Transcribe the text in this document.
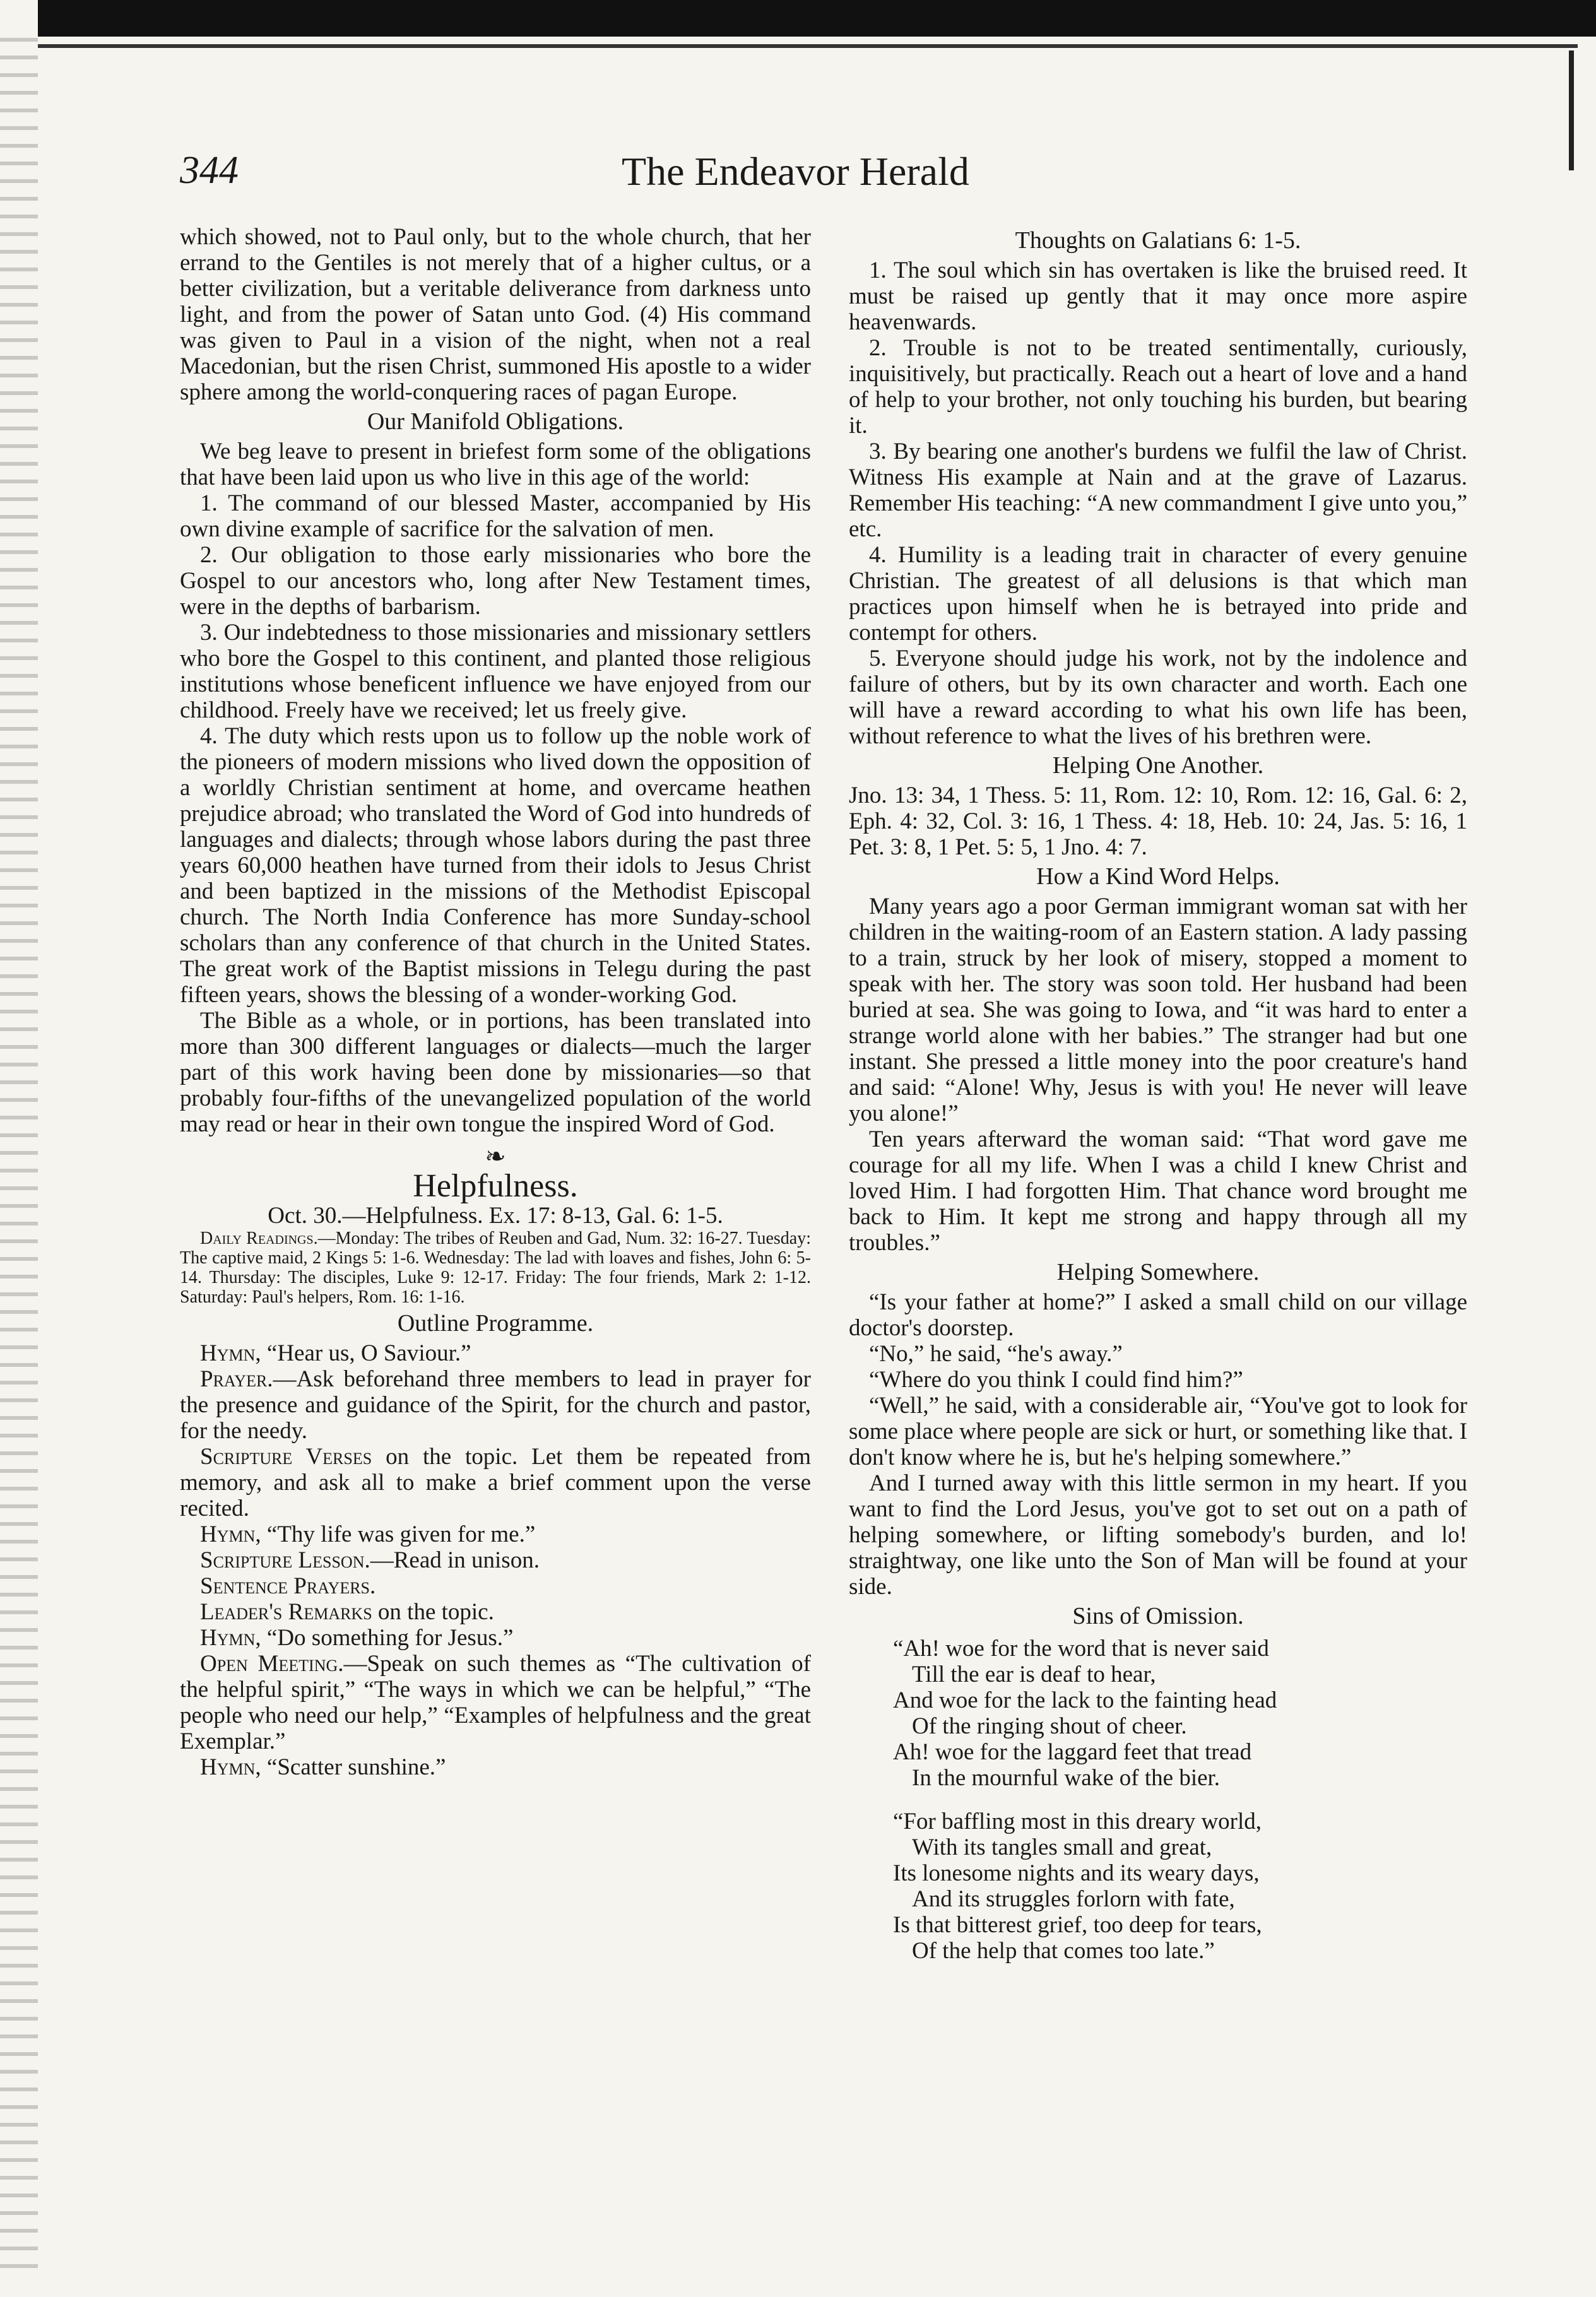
344	The Endeavor Herald

which showed, not to Paul only, but to the whole church, that her errand to the Gentiles is not merely that of a higher cultus, or a better civilization, but a veritable deliverance from darkness unto light, and from the power of Satan unto God. (4) His command was given to Paul in a vision of the night, when not a real Macedonian, but the risen Christ, summoned His apostle to a wider sphere among the world-conquering races of pagan Europe.

Our Manifold Obligations.

We beg leave to present in briefest form some of the obligations that have been laid upon us who live in this age of the world:

1. The command of our blessed Master, accompanied by His own divine example of sacrifice for the salvation of men.

2. Our obligation to those early missionaries who bore the Gospel to our ancestors who, long after New Testament times, were in the depths of barbarism.

3. Our indebtedness to those missionaries and missionary settlers who bore the Gospel to this continent, and planted those religious institutions whose beneficent influence we have enjoyed from our childhood. Freely have we received; let us freely give.

4. The duty which rests upon us to follow up the noble work of the pioneers of modern missions who lived down the opposition of a worldly Christian sentiment at home, and overcame heathen prejudice abroad; who translated the Word of God into hundreds of languages and dialects; through whose labors during the past three years 60,000 heathen have turned from their idols to Jesus Christ and been baptized in the missions of the Methodist Episcopal church. The North India Conference has more Sunday-school scholars than any conference of that church in the United States. The great work of the Baptist missions in Telegu during the past fifteen years, shows the blessing of a wonder-working God.

The Bible as a whole, or in portions, has been translated into more than 300 different languages or dialects—much the larger part of this work having been done by missionaries—so that probably four-fifths of the unevangelized population of the world may read or hear in their own tongue the inspired Word of God.

❧
Helpfulness.

Oct. 30.—Helpfulness. Ex. 17: 8-13, Gal. 6: 1-5.

Daily Readings.—Monday: The tribes of Reuben and Gad, Num. 32: 16-27. Tuesday: The captive maid, 2 Kings 5: 1-6. Wednesday: The lad with loaves and fishes, John 6: 5-14. Thursday: The disciples, Luke 9: 12-17. Friday: The four friends, Mark 2: 1-12. Saturday: Paul's helpers, Rom. 16: 1-16.

Outline Programme.

Hymn, “Hear us, O Saviour.”

Prayer.—Ask beforehand three members to lead in prayer for the presence and guidance of the Spirit, for the church and pastor, for the needy.

Scripture Verses on the topic. Let them be repeated from memory, and ask all to make a brief comment upon the verse recited.

Hymn, “Thy life was given for me.”

Scripture Lesson.—Read in unison.

Sentence Prayers.

Leader's Remarks on the topic.

Hymn, “Do something for Jesus.”

Open Meeting.—Speak on such themes as “The cultivation of the helpful spirit,” “The ways in which we can be helpful,” “The people who need our help,” “Examples of helpfulness and the great Exemplar.”

Hymn, “Scatter sunshine.”

Thoughts on Galatians 6: 1-5.

1. The soul which sin has overtaken is like the bruised reed. It must be raised up gently that it may once more aspire heavenwards.

2. Trouble is not to be treated sentimentally, curiously, inquisitively, but practically. Reach out a heart of love and a hand of help to your brother, not only touching his burden, but bearing it.

3. By bearing one another's burdens we fulfil the law of Christ. Witness His example at Nain and at the grave of Lazarus. Remember His teaching: “A new commandment I give unto you,” etc.

4. Humility is a leading trait in character of every genuine Christian. The greatest of all delusions is that which man practices upon himself when he is betrayed into pride and contempt for others.

5. Everyone should judge his work, not by the indolence and failure of others, but by its own character and worth. Each one will have a reward according to what his own life has been, without reference to what the lives of his brethren were.

Helping One Another.

Jno. 13: 34, 1 Thess. 5: 11, Rom. 12: 10, Rom. 12: 16, Gal. 6: 2, Eph. 4: 32, Col. 3: 16, 1 Thess. 4: 18, Heb. 10: 24, Jas. 5: 16, 1 Pet. 3: 8, 1 Pet. 5: 5, 1 Jno. 4: 7.

How a Kind Word Helps.

Many years ago a poor German immigrant woman sat with her children in the waiting-room of an Eastern station. A lady passing to a train, struck by her look of misery, stopped a moment to speak with her. The story was soon told. Her husband had been buried at sea. She was going to Iowa, and “it was hard to enter a strange world alone with her babies.” The stranger had but one instant. She pressed a little money into the poor creature's hand and said: “Alone! Why, Jesus is with you! He never will leave you alone!”

Ten years afterward the woman said: “That word gave me courage for all my life. When I was a child I knew Christ and loved Him. I had forgotten Him. That chance word brought me back to Him. It kept me strong and happy through all my troubles.”

Helping Somewhere.

“Is your father at home?” I asked a small child on our village doctor's doorstep.

“No,” he said, “he's away.”

“Where do you think I could find him?”

“Well,” he said, with a considerable air, “You've got to look for some place where people are sick or hurt, or something like that. I don't know where he is, but he's helping somewhere.”

And I turned away with this little sermon in my heart. If you want to find the Lord Jesus, you've got to set out on a path of helping somewhere, or lifting somebody's burden, and lo! straightway, one like unto the Son of Man will be found at your side.

Sins of Omission.
“Ah! woe for the word that is never said
Till the ear is deaf to hear,
And woe for the lack to the fainting head
Of the ringing shout of cheer.
Ah! woe for the laggard feet that tread
In the mournful wake of the bier.
“For baffling most in this dreary world,
With its tangles small and great,
Its lonesome nights and its weary days,
And its struggles forlorn with fate,
Is that bitterest grief, too deep for tears,
Of the help that comes too late.”
